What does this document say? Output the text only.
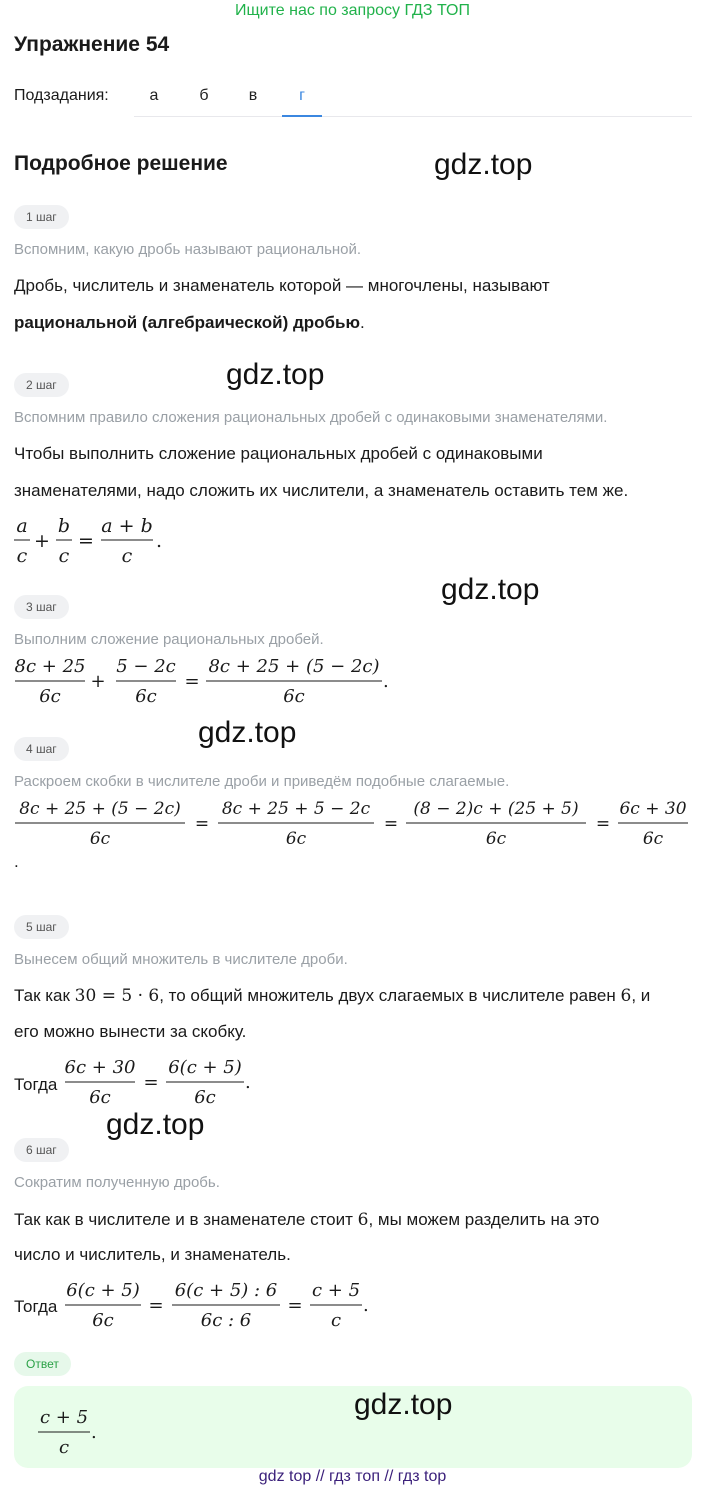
Ищите нас по запросу ГДЗ ТОП
Упражнение 54
Подзадания:	а	б	в	г
Подробное решение	gdz.top
gdz.top
gdz.top
gdz.top
gdz.top
1 шаг
Вспомним, какую дробь называют рациональной.
Дробь, числитель и знаменатель которой — многочлены, называют
рациональной (алгебраической) дробью.
2 шаг
Вспомним правило сложения рациональных дробей с одинаковыми знаменателями.
Чтобы выполнить сложение рациональных дробей с одинаковыми
знаменателями, надо сложить их числители, а знаменатель оставить тем же.
a
c
+
b
c
=
a + b
c
.
3 шаг
Выполним сложение рациональных дробей.
8c + 25
6c
+
5 − 2c
6c
=
8c + 25 + (5 − 2c)
6c
.
4 шаг
Раскроем скобки в числителе дроби и приведём подобные слагаемые.
8c + 25 + (5 − 2c)
6c
=
8c + 25 + 5 − 2c
6c
=
(8 − 2)c + (25 + 5)
6c
=
6c + 30
6c
.
5 шаг
Вынесем общий множитель в числителе дроби.
Так как 30 = 5 · 6, то общий множитель двух слагаемых в числителе равен 6, и
его можно вынести за скобку.
Тогда
6c + 30
6c
=
6(c + 5)
6c
.
6 шаг
Сократим полученную дробь.
Так как в числителе и в знаменателе стоит 6, мы можем разделить на это
число и числитель, и знаменатель.
Тогда
6(c + 5)
6c
=
6(c + 5) : 6
6c : 6
=
c + 5
c
.
Ответ
gdz.top
c + 5
c
.
gdz top // гдз топ // гдз top
